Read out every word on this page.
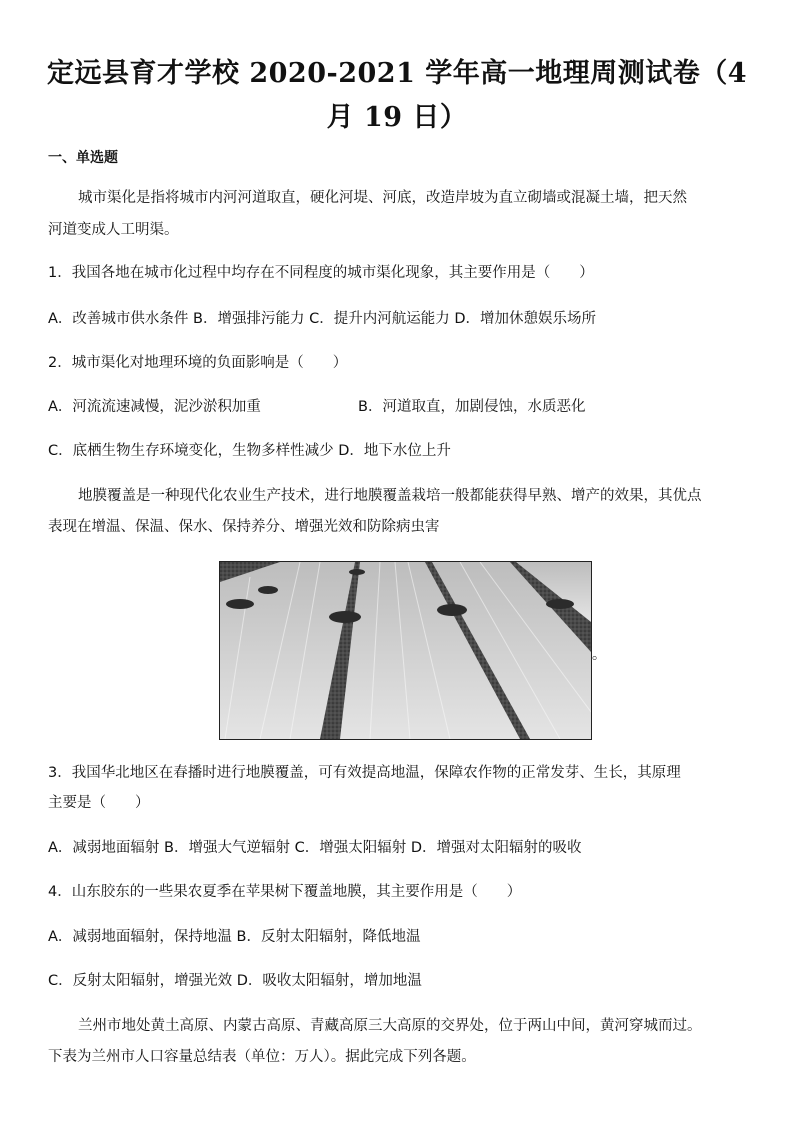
定远县育才学校 2020-2021 学年高一地理周测试卷（4
月 19 日）
一、单选题
城市渠化是指将城市内河河道取直，硬化河堤、河底，改造岸坡为直立砌墙或混凝土墙，把天然
河道变成人工明渠。
1．我国各地在城市化过程中均存在不同程度的城市渠化现象，其主要作用是（　　）
A．改善城市供水条件 B．增强排污能力 C．提升内河航运能力 D．增加休憩娱乐场所
2．城市渠化对地理环境的负面影响是（　　）
A．河流流速减慢，泥沙淤积加重	B．河道取直，加剧侵蚀，水质恶化
C．底栖生物生存环境变化，生物多样性减少 D．地下水位上升
地膜覆盖是一种现代化农业生产技术，进行地膜覆盖栽培一般都能获得早熟、增产的效果，其优点
表现在增温、保温、保水、保持养分、增强光效和防除病虫害
。
3．我国华北地区在春播时进行地膜覆盖，可有效提高地温，保障农作物的正常发芽、生长，其原理
主要是（　　）
A．减弱地面辐射 B．增强大气逆辐射 C．增强太阳辐射 D．增强对太阳辐射的吸收
4．山东胶东的一些果农夏季在苹果树下覆盖地膜，其主要作用是（　　）
A．减弱地面辐射，保持地温 B．反射太阳辐射，降低地温
C．反射太阳辐射，增强光效 D．吸收太阳辐射，增加地温
兰州市地处黄土高原、内蒙古高原、青藏高原三大高原的交界处，位于两山中间，黄河穿城而过。
下表为兰州市人口容量总结表（单位：万人）。据此完成下列各题。
